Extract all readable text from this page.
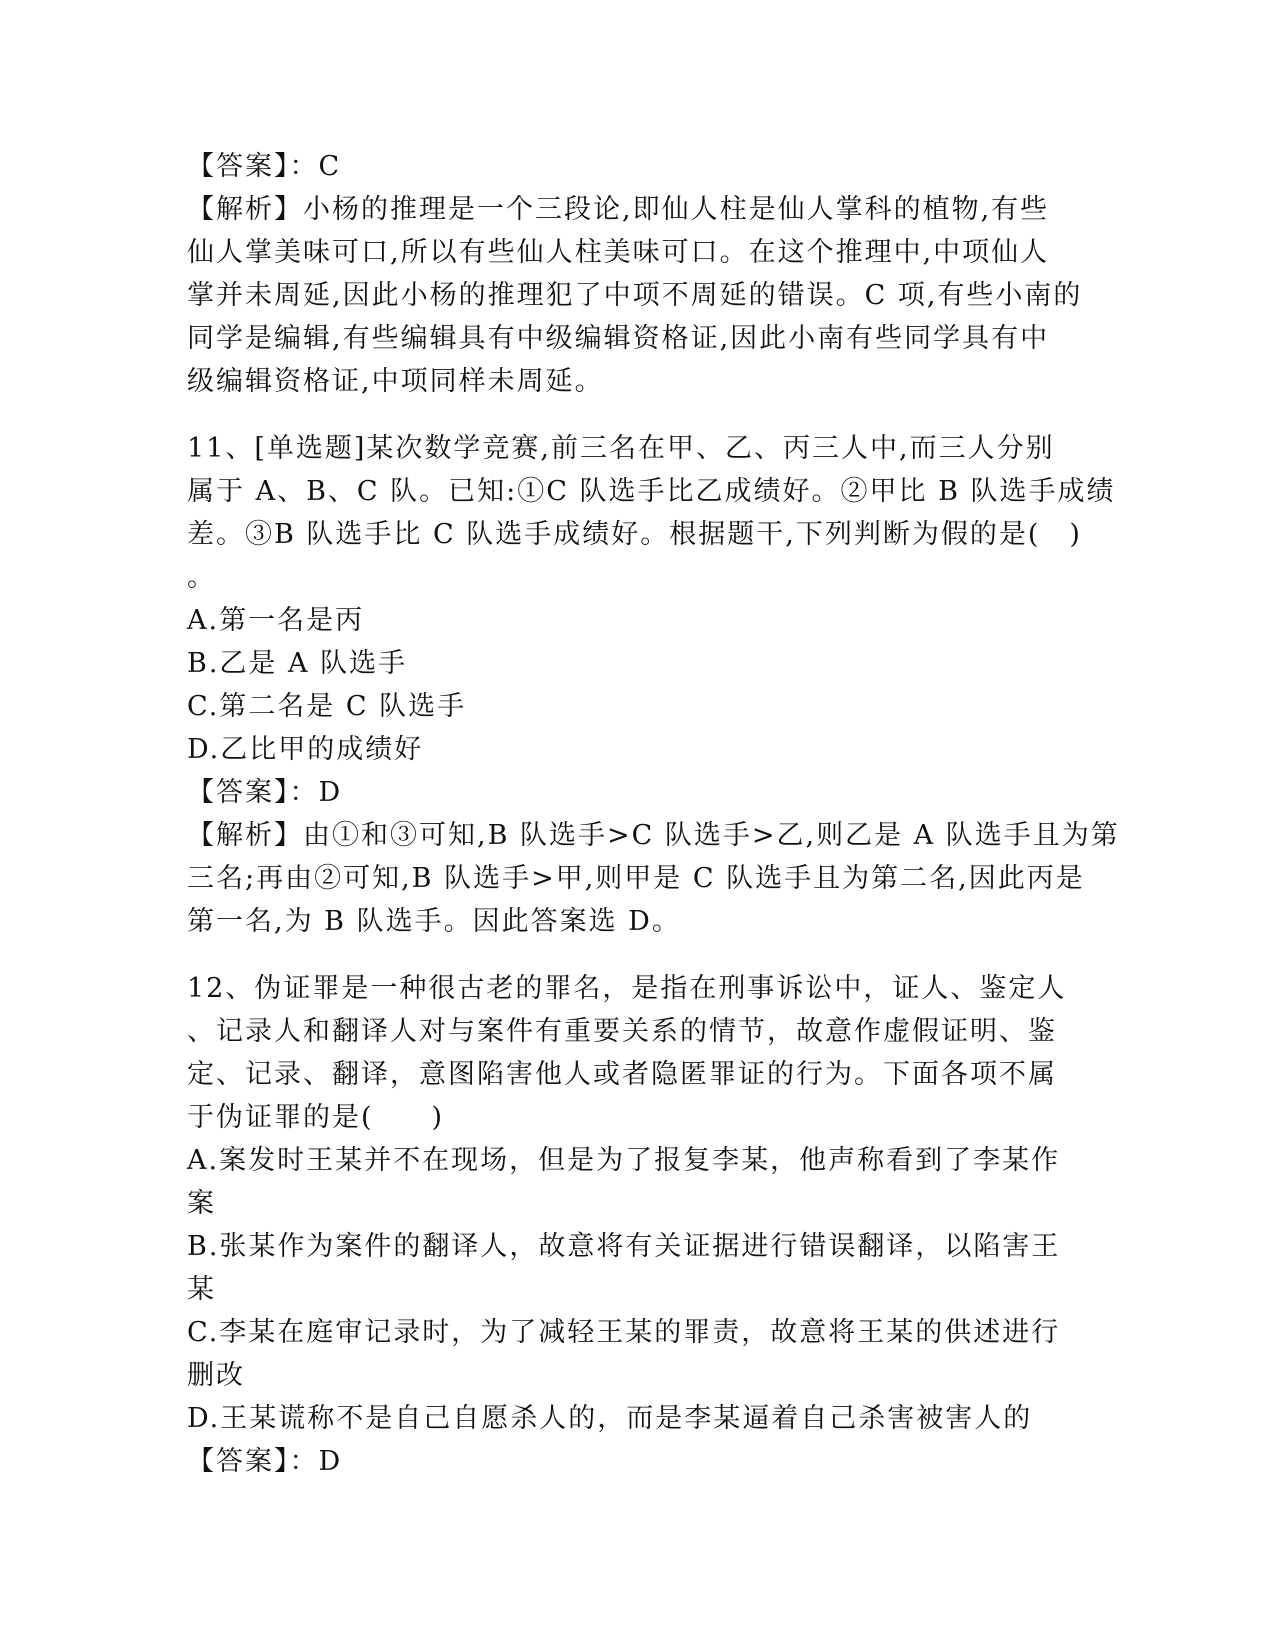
【答案】：C
【解析】小杨的推理是一个三段论,即仙人柱是仙人掌科的植物,有些
仙人掌美味可口,所以有些仙人柱美味可口。在这个推理中,中项仙人
掌并未周延,因此小杨的推理犯了中项不周延的错误。C 项,有些小南的
同学是编辑,有些编辑具有中级编辑资格证,因此小南有些同学具有中
级编辑资格证,中项同样未周延。
11、[单选题]某次数学竞赛,前三名在甲、乙、丙三人中,而三人分别
属于 A、B、C 队。已知:①C 队选手比乙成绩好。②甲比 B 队选手成绩
差。③B 队选手比 C 队选手成绩好。根据题干,下列判断为假的是(　)
。
A.第一名是丙
B.乙是 A 队选手
C.第二名是 C 队选手
D.乙比甲的成绩好
【答案】：D
【解析】由①和③可知,B 队选手>C 队选手>乙,则乙是 A 队选手且为第
三名;再由②可知,B 队选手>甲,则甲是 C 队选手且为第二名,因此丙是
第一名,为 B 队选手。因此答案选 D。
12、伪证罪是一种很古老的罪名，是指在刑事诉讼中，证人、鉴定人
、记录人和翻译人对与案件有重要关系的情节，故意作虚假证明、鉴
定、记录、翻译，意图陷害他人或者隐匿罪证的行为。下面各项不属
于伪证罪的是(　　)
A.案发时王某并不在现场，但是为了报复李某，他声称看到了李某作
案
B.张某作为案件的翻译人，故意将有关证据进行错误翻译，以陷害王
某
C.李某在庭审记录时，为了减轻王某的罪责，故意将王某的供述进行
删改
D.王某谎称不是自己自愿杀人的，而是李某逼着自己杀害被害人的
【答案】：D
